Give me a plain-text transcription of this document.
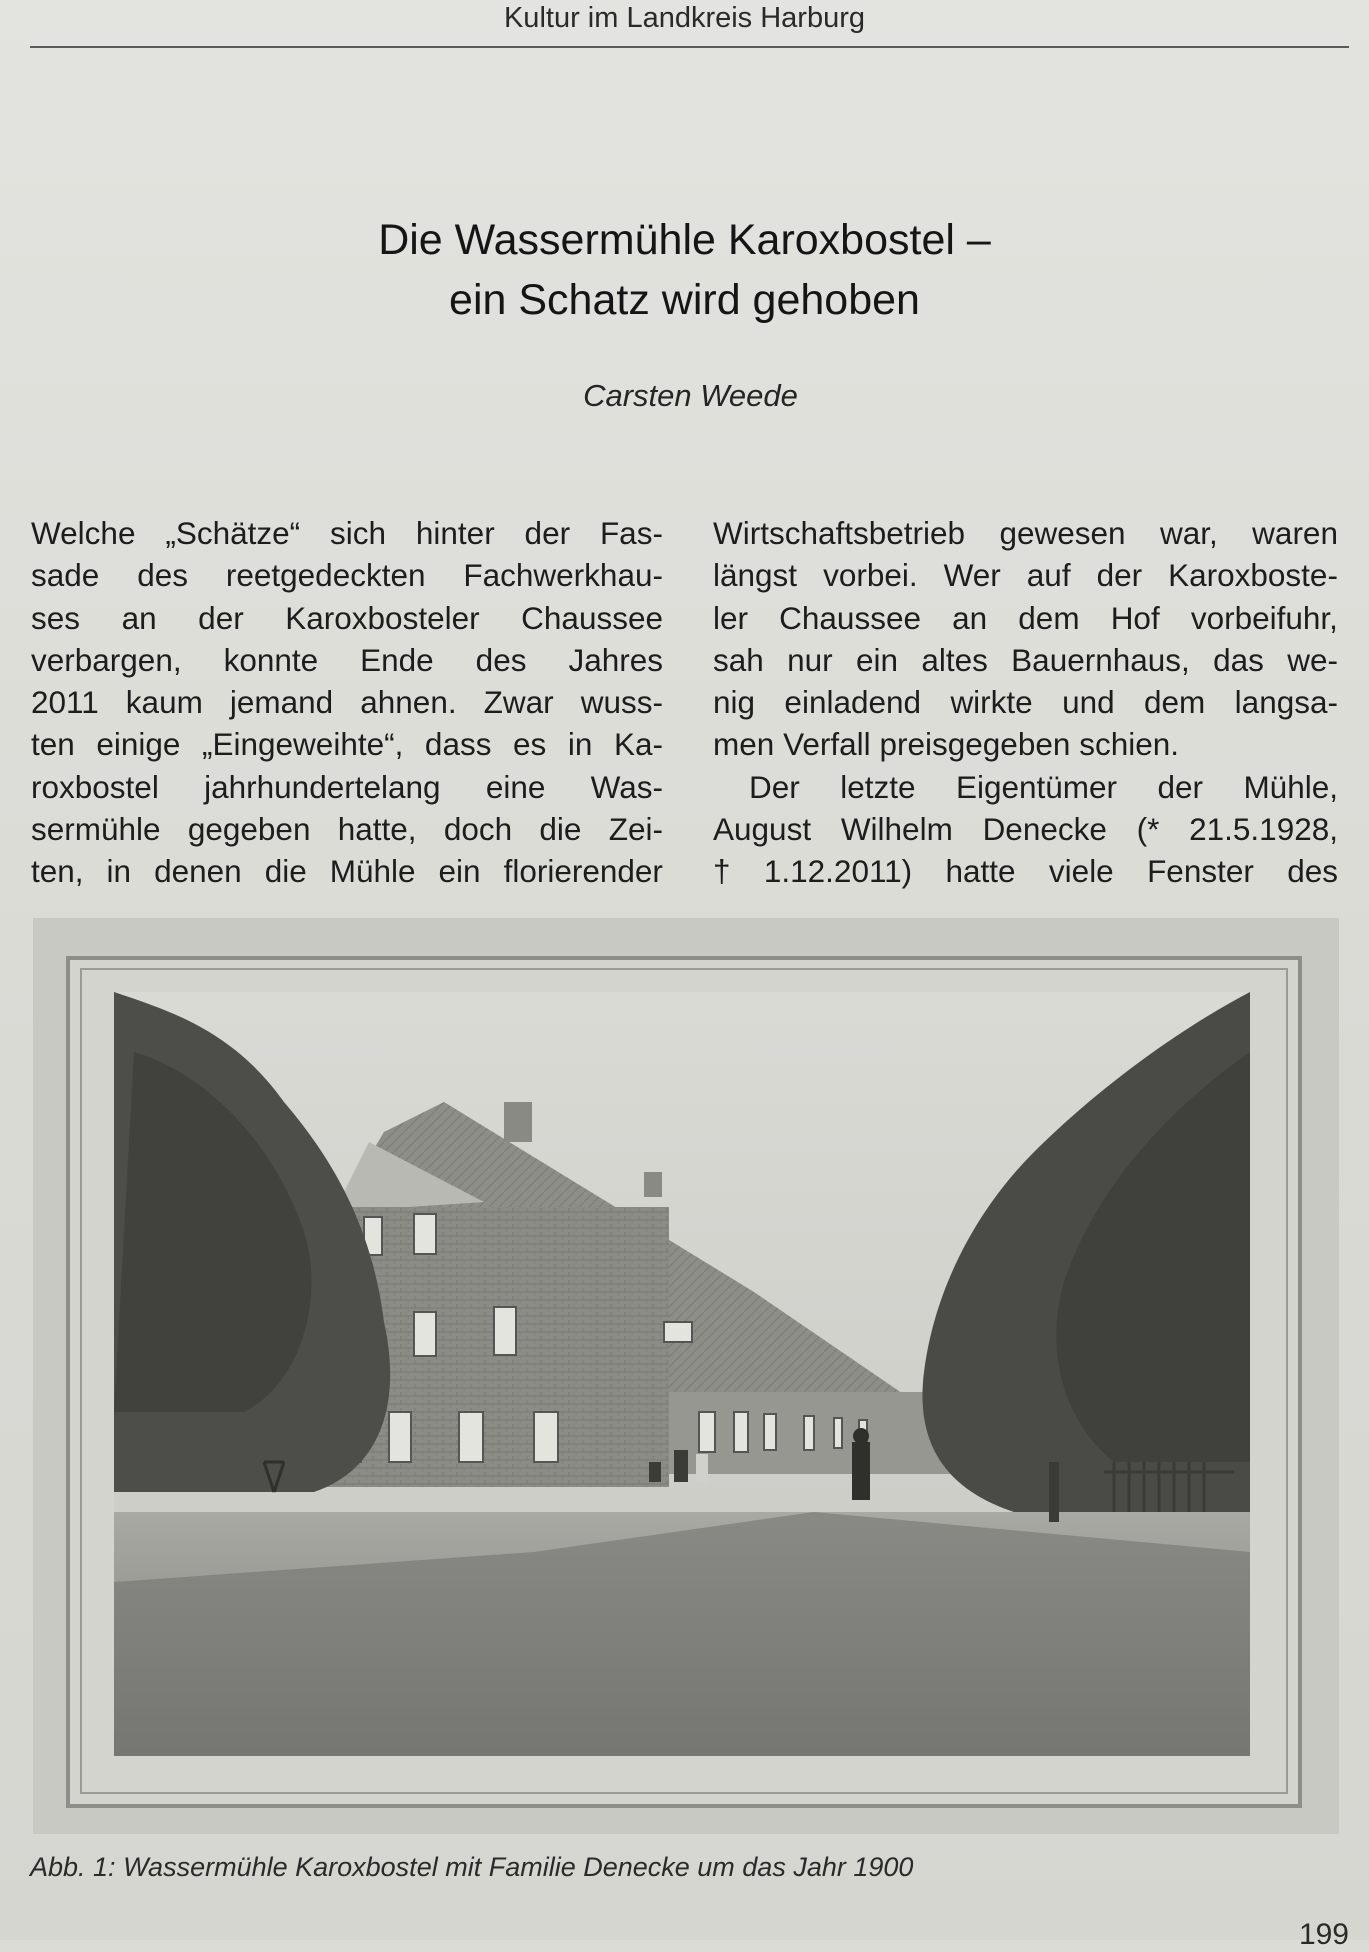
Kultur im Landkreis Harburg
Die Wassermühle Karoxbostel –
ein Schatz wird gehoben
Carsten Weede
Welche „Schätze“ sich hinter der Fas-
sade des reetgedeckten Fachwerkhau-
ses an der Karoxbosteler Chaussee
verbargen, konnte Ende des Jahres
2011 kaum jemand ahnen. Zwar wuss-
ten einige „Eingeweihte“, dass es in Ka-
roxbostel jahrhundertelang eine Was-
sermühle gegeben hatte, doch die Zei-
ten, in denen die Mühle ein florierender
Wirtschaftsbetrieb gewesen war, waren
längst vorbei. Wer auf der Karoxboste-
ler Chaussee an dem Hof vorbeifuhr,
sah nur ein altes Bauernhaus, das we-
nig einladend wirkte und dem langsa-
men Verfall preisgegeben schien.
Der letzte Eigentümer der Mühle,
August Wilhelm Denecke (* 21.5.1928,
† 1.12.2011) hatte viele Fenster des
Abb. 1: Wassermühle Karoxbostel mit Familie Denecke um das Jahr 1900
199
